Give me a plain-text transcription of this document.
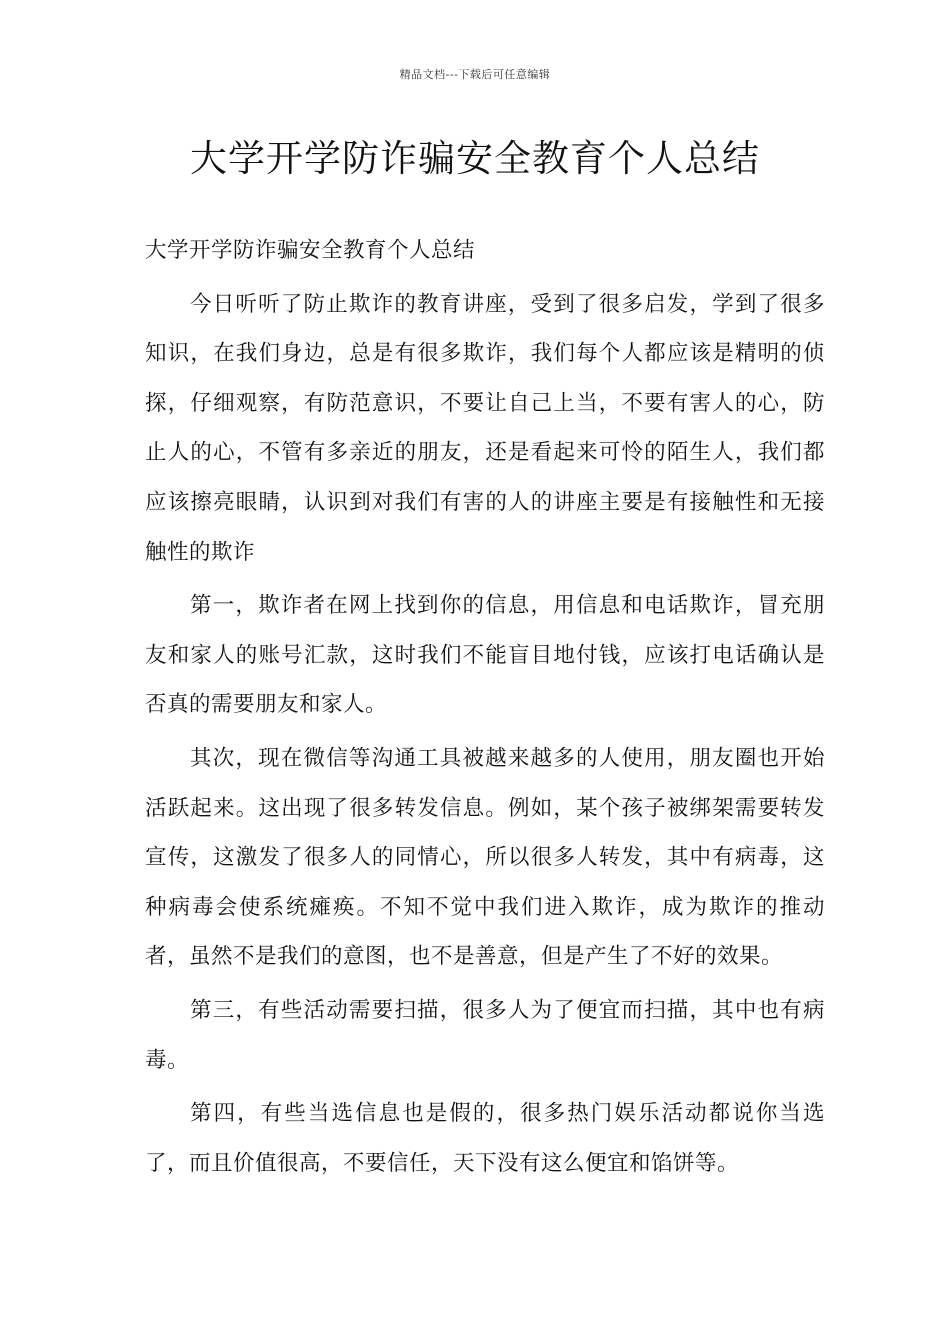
精品文档---下载后可任意编辑
大学开学防诈骗安全教育个人总结

大学开学防诈骗安全教育个人总结

今日听听了防止欺诈的教育讲座，受到了很多启发，学到了很多知识，在我们身边，总是有很多欺诈，我们每个人都应该是精明的侦探，仔细观察，有防范意识，不要让自己上当，不要有害人的心，防止人的心，不管有多亲近的朋友，还是看起来可怜的陌生人，我们都应该擦亮眼睛，认识到对我们有害的人的讲座主要是有接触性和无接触性的欺诈

第一，欺诈者在网上找到你的信息，用信息和电话欺诈，冒充朋友和家人的账号汇款，这时我们不能盲目地付钱，应该打电话确认是否真的需要朋友和家人。

其次，现在微信等沟通工具被越来越多的人使用，朋友圈也开始活跃起来。这出现了很多转发信息。例如，某个孩子被绑架需要转发宣传，这激发了很多人的同情心，所以很多人转发，其中有病毒，这种病毒会使系统瘫痪。不知不觉中我们进入欺诈，成为欺诈的推动者，虽然不是我们的意图，也不是善意，但是产生了不好的效果。

第三，有些活动需要扫描，很多人为了便宜而扫描，其中也有病毒。

第四，有些当选信息也是假的，很多热门娱乐活动都说你当选了，而且价值很高，不要信任，天下没有这么便宜和馅饼等。
